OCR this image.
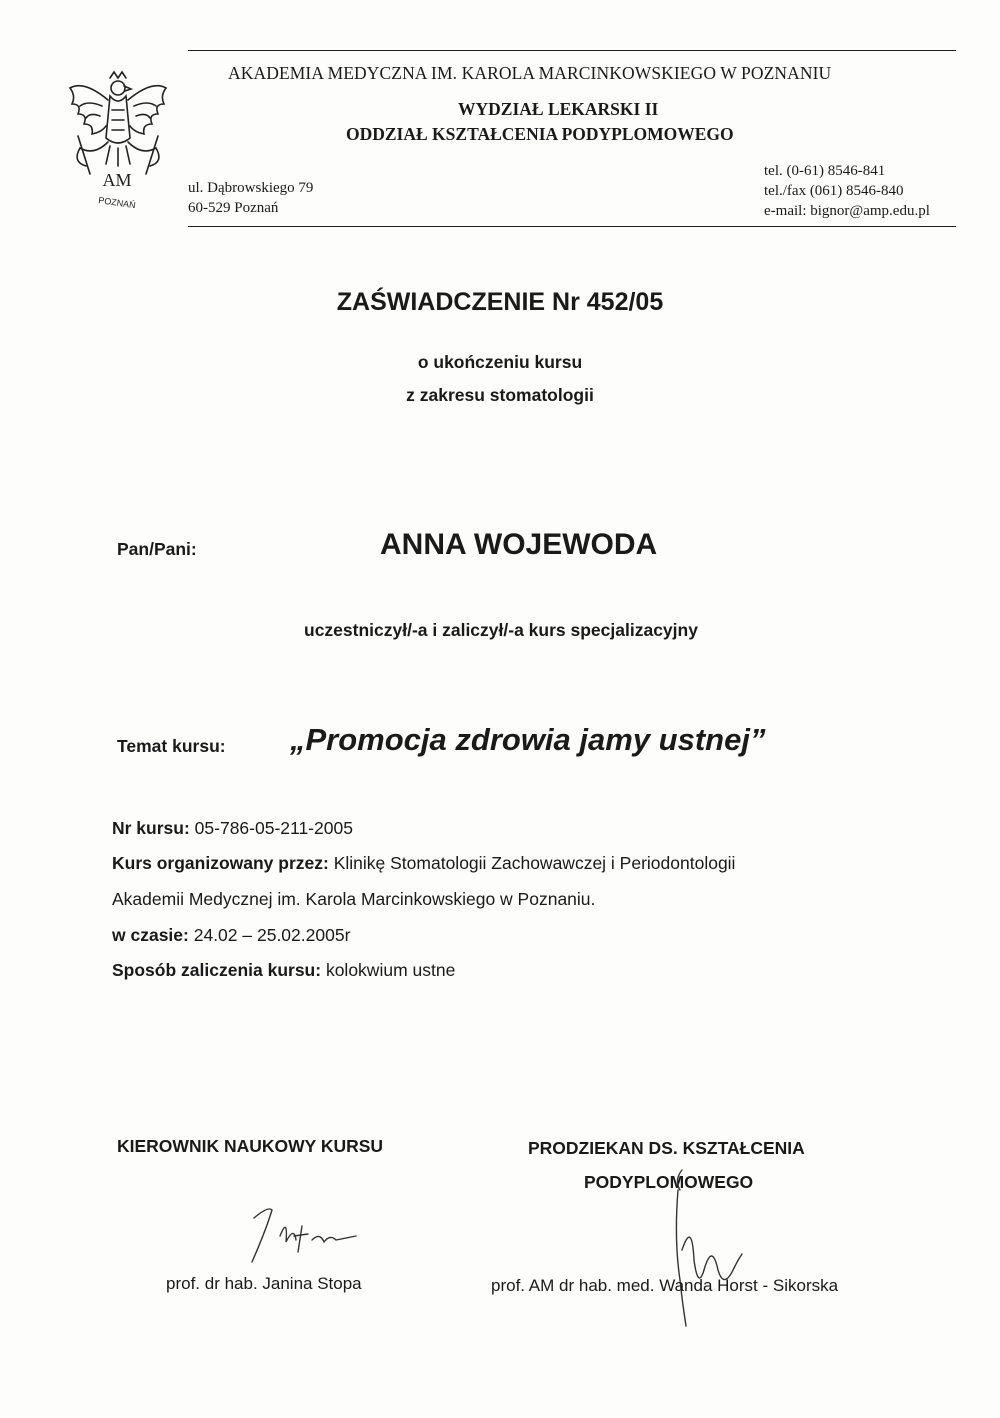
AM
POZNAŃ
AKADEMIA MEDYCZNA IM. KAROLA MARCINKOWSKIEGO W POZNANIU
WYDZIAŁ LEKARSKI II
ODDZIAŁ KSZTAŁCENIA PODYPLOMOWEGO
ul. Dąbrowskiego 79
60-529 Poznań
tel. (0-61) 8546-841
tel./fax (061) 8546-840
e-mail: bignor@amp.edu.pl
ZAŚWIADCZENIE Nr 452/05
o ukończeniu kursu
z zakresu stomatologii
Pan/Pani:	ANNA WOJEWODA
uczestniczył/-a i zaliczył/-a kurs specjalizacyjny
Temat kursu: „Promocja zdrowia jamy ustnej”
Nr kursu: 05-786-05-211-2005
Kurs organizowany przez: Klinikę Stomatologii Zachowawczej i Periodontologii
Akademii Medycznej im. Karola Marcinkowskiego w Poznaniu.
w czasie: 24.02 – 25.02.2005r
Sposób zaliczenia kursu: kolokwium ustne
KIEROWNIK NAUKOWY KURSU	PRODZIEKAN DS. KSZTAŁCENIA
PODYPLOMOWEGO
prof. dr hab. Janina Stopa	prof. AM dr hab. med. Wanda Horst - Sikorska
